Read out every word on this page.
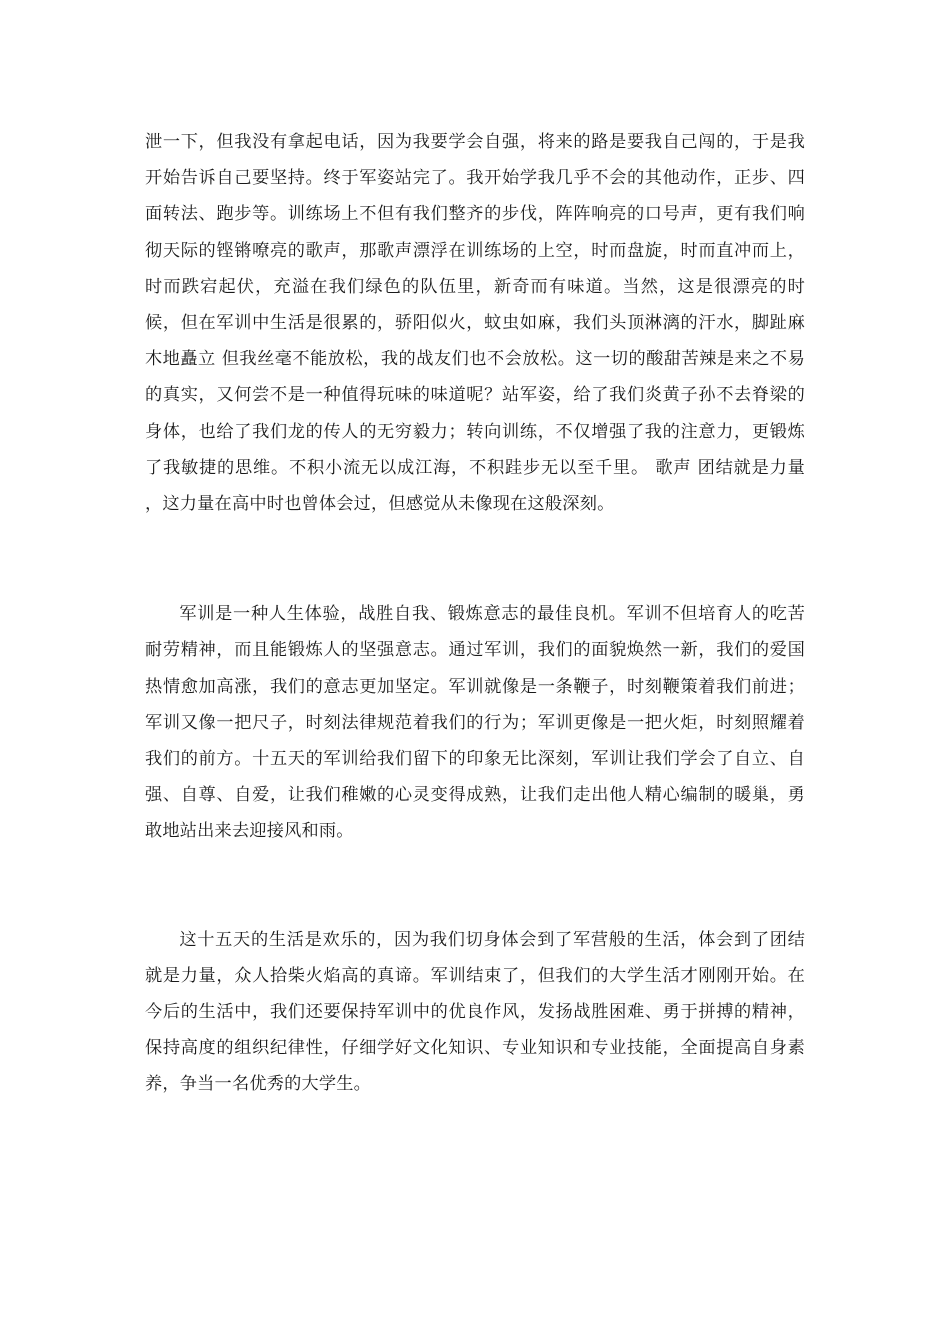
泄一下，但我没有拿起电话，因为我要学会自强，将来的路是要我自己闯的，于是我开始告诉自己要坚持。终于军姿站完了。我开始学我几乎不会的其他动作，正步、四面转法、跑步等。训练场上不但有我们整齐的步伐，阵阵响亮的口号声，更有我们响彻天际的铿锵嘹亮的歌声，那歌声漂浮在训练场的上空，时而盘旋，时而直冲而上，时而跌宕起伏，充溢在我们绿色的队伍里，新奇而有味道。当然，这是很漂亮的时候，但在军训中生活是很累的，骄阳似火，蚊虫如麻，我们头顶淋漓的汗水，脚趾麻木地矗立 但我丝毫不能放松，我的战友们也不会放松。这一切的酸甜苦辣是来之不易的真实，又何尝不是一种值得玩味的味道呢？站军姿，给了我们炎黄子孙不去脊梁的身体，也给了我们龙的传人的无穷毅力；转向训练，不仅增强了我的注意力，更锻炼了我敏捷的思维。不积小流无以成江海，不积跬步无以至千里。 歌声 团结就是力量 ，这力量在高中时也曾体会过，但感觉从未像现在这般深刻。

军训是一种人生体验，战胜自我、锻炼意志的最佳良机。军训不但培育人的吃苦耐劳精神，而且能锻炼人的坚强意志。通过军训，我们的面貌焕然一新，我们的爱国热情愈加高涨，我们的意志更加坚定。军训就像是一条鞭子，时刻鞭策着我们前进；军训又像一把尺子，时刻法律规范着我们的行为；军训更像是一把火炬，时刻照耀着我们的前方。十五天的军训给我们留下的印象无比深刻，军训让我们学会了自立、自强、自尊、自爱，让我们稚嫩的心灵变得成熟，让我们走出他人精心编制的暖巢，勇敢地站出来去迎接风和雨。

这十五天的生活是欢乐的，因为我们切身体会到了军营般的生活，体会到了团结就是力量，众人拾柴火焰高的真谛。军训结束了，但我们的大学生活才刚刚开始。在今后的生活中，我们还要保持军训中的优良作风，发扬战胜困难、勇于拼搏的精神，保持高度的组织纪律性，仔细学好文化知识、专业知识和专业技能，全面提高自身素养，争当一名优秀的大学生。
